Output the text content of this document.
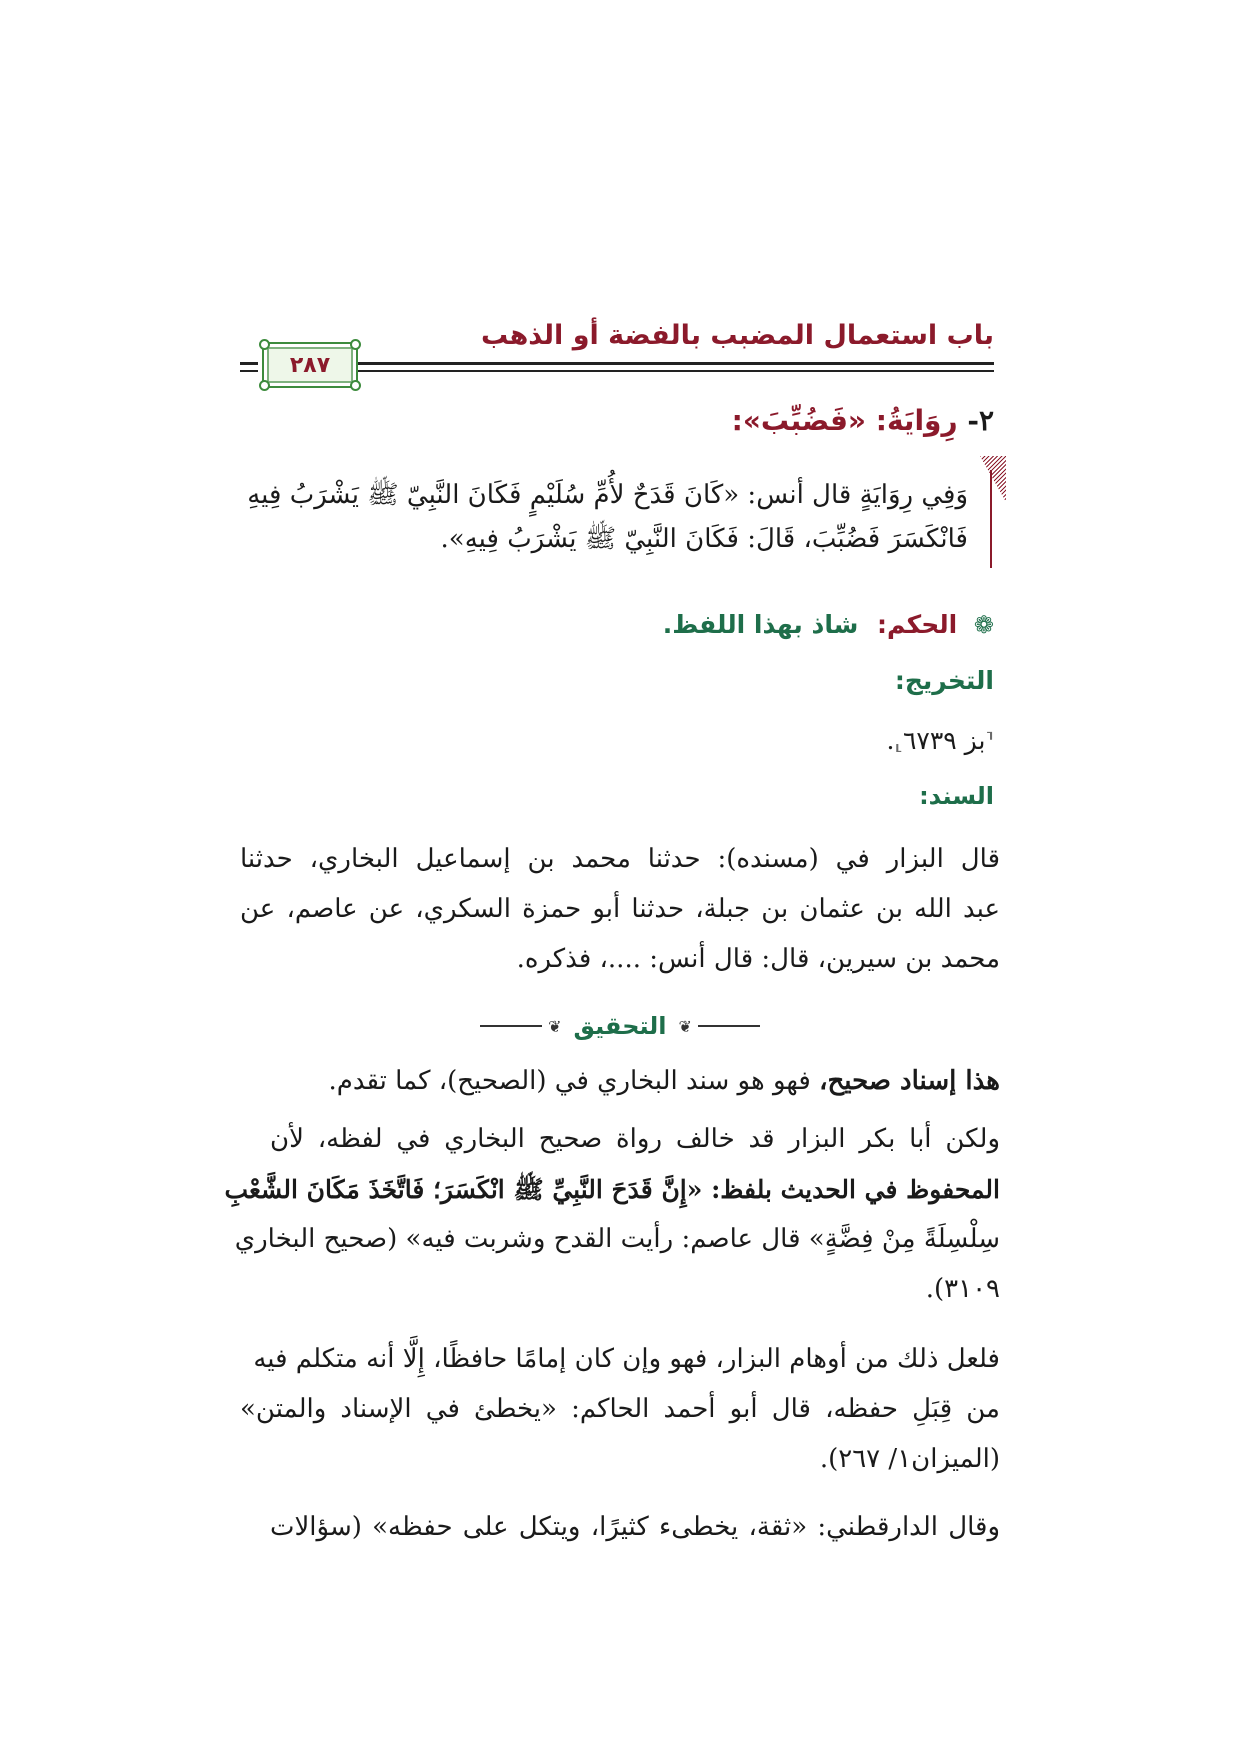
باب استعمال المضبب بالفضة أو الذهب
٢٨٧
٢- رِوَايَةُ: «فَضُبِّبَ»:
وَفِي رِوَايَةٍ قال أنس: «كَانَ قَدَحٌ لأُمِّ سُلَيْمٍ فَكَانَ النَّبِيّ ﷺ يَشْرَبُ فِيهِ
فَانْكَسَرَ فَضُبِّبَ، قَالَ: فَكَانَ النَّبِيّ ﷺ يَشْرَبُ فِيهِ».
❁ الحكم: شاذ بهذا اللفظ.
التخريج:
⸢بز ٦٧٣٩⸥.
السند:
قال البزار في (مسنده): حدثنا محمد بن إسماعيل البخاري، حدثنا
عبد الله بن عثمان بن جبلة، حدثنا أبو حمزة السكري، عن عاصم، عن
محمد بن سيرين، قال: قال أنس: ....، فذكره.
❦ التحقيق ❦
هذا إسناد صحيح، فهو هو سند البخاري في (الصحيح)، كما تقدم.
ولكن أبا بكر البزار قد خالف رواة صحيح البخاري في لفظه، لأن
المحفوظ في الحديث بلفظ: «إِنَّ قَدَحَ النَّبِيِّ ﷺ انْكَسَرَ؛ فَاتَّخَذَ مَكَانَ الشَّعْبِ
سِلْسِلَةً مِنْ فِضَّةٍ» قال عاصم: رأيت القدح وشربت فيه» (صحيح البخاري
٣١٠٩).
فلعل ذلك من أوهام البزار، فهو وإن كان إمامًا حافظًا، إِلَّا أنه متكلم فيه
من قِبَلِ حفظه، قال أبو أحمد الحاكم: «يخطئ في الإسناد والمتن»
(الميزان١/ ٢٦٧).
وقال الدارقطني: «ثقة، يخطىء كثيرًا، ويتكل على حفظه» (سؤالات
